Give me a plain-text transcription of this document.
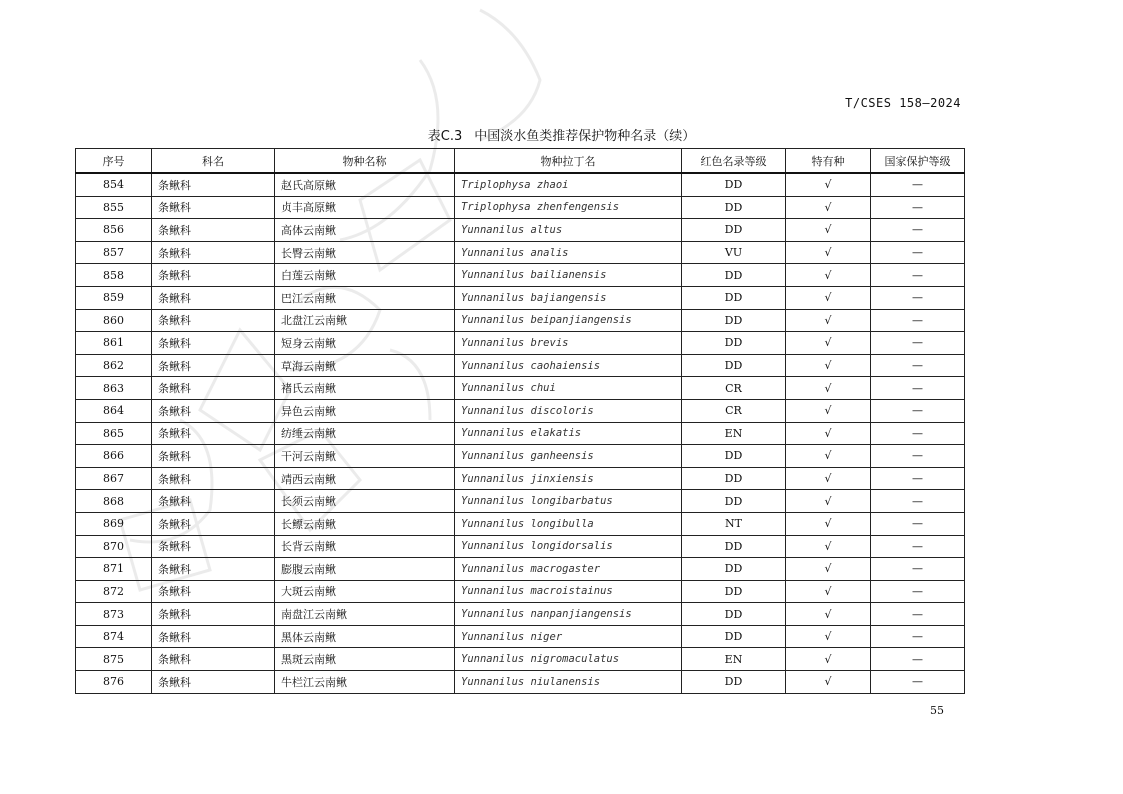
T/CSES 158—2024
表C.3 中国淡水鱼类推荐保护物种名录（续）
序号	科名	物种名称	物种拉丁名	红色名录等级	特有种	国家保护等级
854	条鳅科	赵氏高原鳅	Triplophysa zhaoi	DD	√	—
855	条鳅科	贞丰高原鳅	Triplophysa zhenfengensis	DD	√	—
856	条鳅科	高体云南鳅	Yunnanilus altus	DD	√	—
857	条鳅科	长臀云南鳅	Yunnanilus analis	VU	√	—
858	条鳅科	白莲云南鳅	Yunnanilus bailianensis	DD	√	—
859	条鳅科	巴江云南鳅	Yunnanilus bajiangensis	DD	√	—
860	条鳅科	北盘江云南鳅	Yunnanilus beipanjiangensis	DD	√	—
861	条鳅科	短身云南鳅	Yunnanilus brevis	DD	√	—
862	条鳅科	草海云南鳅	Yunnanilus caohaiensis	DD	√	—
863	条鳅科	褚氏云南鳅	Yunnanilus chui	CR	√	—
864	条鳅科	异色云南鳅	Yunnanilus discoloris	CR	√	—
865	条鳅科	纺缍云南鳅	Yunnanilus elakatis	EN	√	—
866	条鳅科	干河云南鳅	Yunnanilus ganheensis	DD	√	—
867	条鳅科	靖西云南鳅	Yunnanilus jinxiensis	DD	√	—
868	条鳅科	长须云南鳅	Yunnanilus longibarbatus	DD	√	—
869	条鳅科	长鳔云南鳅	Yunnanilus longibulla	NT	√	—
870	条鳅科	长背云南鳅	Yunnanilus longidorsalis	DD	√	—
871	条鳅科	膨腹云南鳅	Yunnanilus macrogaster	DD	√	—
872	条鳅科	大斑云南鳅	Yunnanilus macroistainus	DD	√	—
873	条鳅科	南盘江云南鳅	Yunnanilus nanpanjiangensis	DD	√	—
874	条鳅科	黑体云南鳅	Yunnanilus niger	DD	√	—
875	条鳅科	黑斑云南鳅	Yunnanilus nigromaculatus	EN	√	—
876	条鳅科	牛栏江云南鳅	Yunnanilus niulanensis	DD	√	—
55
